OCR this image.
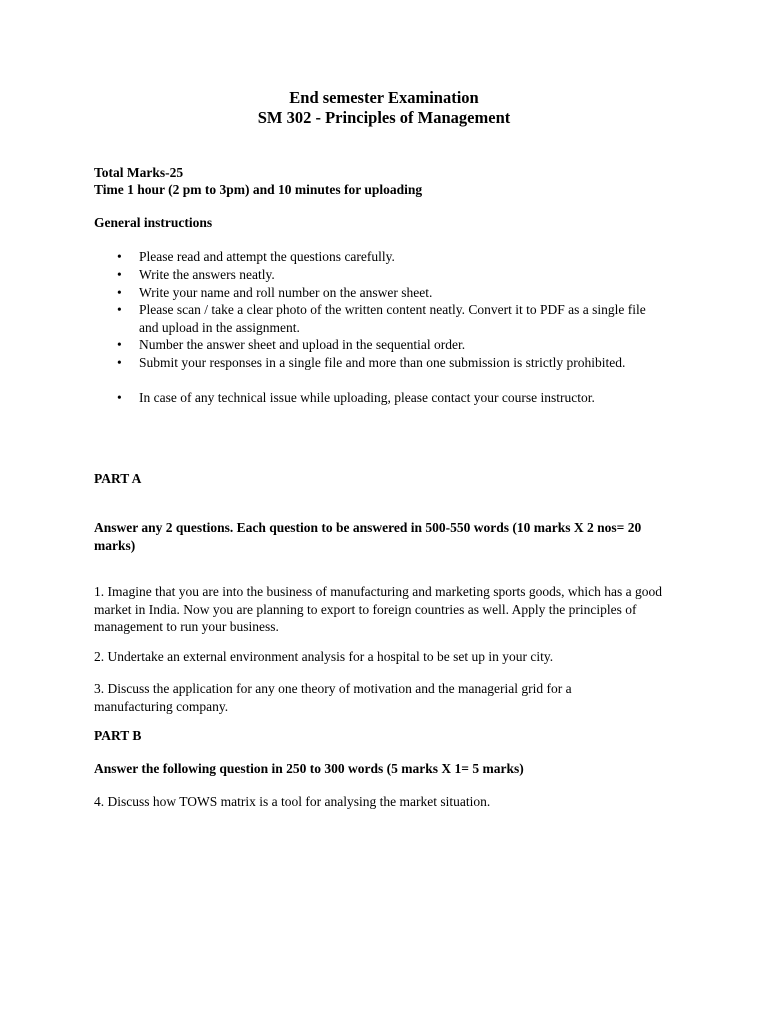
End semester Examination
SM 302 - Principles of Management
Total Marks-25
Time 1 hour (2 pm to 3pm) and 10 minutes for uploading
General instructions
•	Please read and attempt the questions carefully.
•	Write the answers neatly.
•	Write your name and roll number on the answer sheet.
•	Please scan / take a clear photo of the written content neatly. Convert it to PDF as a single file and upload in the assignment.
•	Number the answer sheet and upload in the sequential order.
•	Submit your responses in a single file and more than one submission is strictly prohibited.
•	In case of any technical issue while uploading, please contact your course instructor.
PART A
Answer any 2 questions. Each question to be answered in 500-550 words (10 marks X 2 nos= 20 marks)
1. Imagine that you are into the business of manufacturing and marketing sports goods, which has a good market in India. Now you are planning to export to foreign countries as well. Apply the principles of management to run your business.
2. Undertake an external environment analysis for a hospital to be set up in your city.
3. Discuss the application for any one theory of motivation and the managerial grid for a manufacturing company.
PART B
Answer the following question in 250 to 300 words (5 marks X 1= 5 marks)
4. Discuss how TOWS matrix is a tool for analysing the market situation.
